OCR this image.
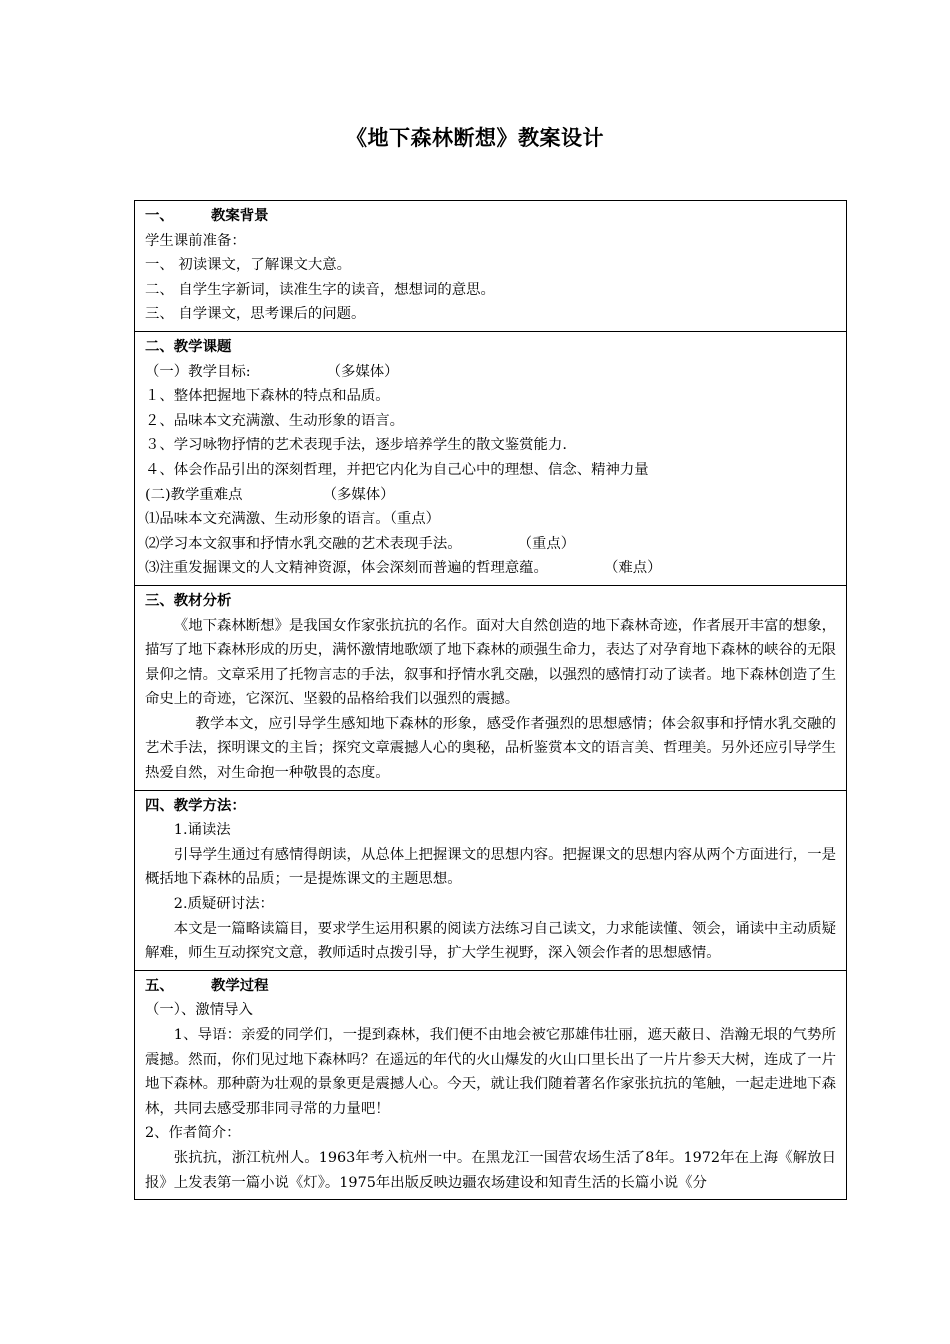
《地下森林断想》教案设计

一、	教案背景

学生课前准备：

一、 初读课文，了解课文大意。

二、 自学生字新词，读准生字的读音，想想词的意思。

三、 自学课文，思考课后的问题。

二、教学课题

（一）教学目标:	（多媒体）

１、整体把握地下森林的特点和品质。

２、品味本文充满激、生动形象的语言。

３、学习咏物抒情的艺术表现手法，逐步培养学生的散文鉴赏能力.

４、体会作品引出的深刻哲理，并把它内化为自己心中的理想、信念、精神力量

(二)教学重难点	（多媒体）

⑴品味本文充满激、生动形象的语言。（重点）

⑵学习本文叙事和抒情水乳交融的艺术表现手法。	（重点）

⑶注重发掘课文的人文精神资源，体会深刻而普遍的哲理意蕴。	（难点）

三、教材分析

《地下森林断想》是我国女作家张抗抗的名作。面对大自然创造的地下森林奇迹，作者展开丰富的想象，描写了地下森林形成的历史，满怀激情地歌颂了地下森林的顽强生命力，表达了对孕育地下森林的峡谷的无限景仰之情。文章采用了托物言志的手法，叙事和抒情水乳交融，以强烈的感情打动了读者。地下森林创造了生命史上的奇迹，它深沉、坚毅的品格给我们以强烈的震撼。

教学本文，应引导学生感知地下森林的形象，感受作者强烈的思想感情；体会叙事和抒情水乳交融的艺术手法，探明课文的主旨；探究文章震撼人心的奥秘，品析鉴赏本文的语言美、哲理美。另外还应引导学生热爱自然，对生命抱一种敬畏的态度。

四、教学方法：

1.诵读法

引导学生通过有感情得朗读，从总体上把握课文的思想内容。把握课文的思想内容从两个方面进行，一是概括地下森林的品质；一是提炼课文的主题思想。

2.质疑研讨法：

本文是一篇略读篇目，要求学生运用积累的阅读方法练习自己读文，力求能读懂、领会，诵读中主动质疑解难，师生互动探究文意，教师适时点拨引导，扩大学生视野，深入领会作者的思想感情。

五、	教学过程

（一）、激情导入

1、导语：亲爱的同学们，一提到森林，我们便不由地会被它那雄伟壮丽，遮天蔽日、浩瀚无垠的气势所震撼。然而，你们见过地下森林吗？在遥远的年代的火山爆发的火山口里长出了一片片参天大树，连成了一片地下森林。那种蔚为壮观的景象更是震撼人心。今天，就让我们随着著名作家张抗抗的笔触，一起走进地下森林，共同去感受那非同寻常的力量吧！

2、作者简介：

张抗抗，浙江杭州人。1963年考入杭州一中。在黑龙江一国营农场生活了8年。1972年在上海《解放日报》上发表第一篇小说《灯》。1975年出版反映边疆农场建设和知青生活的长篇小说《分
